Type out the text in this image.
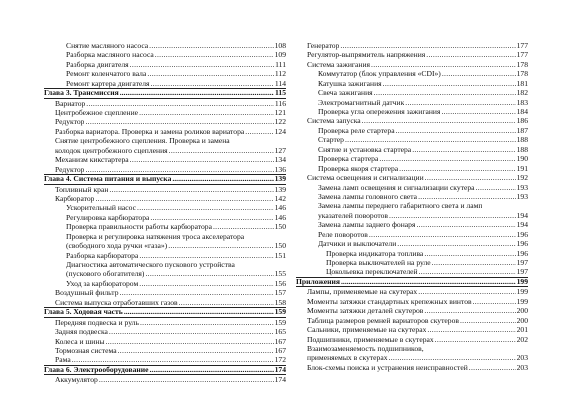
Снятие масляного насоса .....	108
Разборка масляного насоса .....	109
Разборка двигателя .....	111
Ремонт коленчатого вала .....	112
Ремонт картера двигателя .....	114
Глава 3. Трансмиссия .....	115
Вариатор .....	116
Центробежное сцепление .....	121
Редуктор .....	122
Разборка вариатора. Проверка и замена роликов вариатора .....	124
Снятие центробежного сцепления. Проверка и замена
колодок центробежного сцепления .....	127
Механизм кикстартера .....	134
Редуктор .....	136
Глава 4. Система питания и выпуска .....	139
Топливный кран .....	139
Карбюратор .....	142
Ускорительный насос .....	146
Регулировка карбюратора .....	146
Проверка правильности работы карбюратора .....	150
Проверка и регулировка натяжения троса акселератора
(свободного хода ручки «газа») .....	150
Разборка карбюратора .....	151
Диагностика автоматического пускового устройства
(пускового обогатителя) .....	155
Уход за карбюратором .....	156
Воздушный фильтр .....	157
Система выпуска отработавших газов .....	158
Глава 5. Ходовая часть .....	159
Передняя подвеска и руль .....	159
Задняя подвеска .....	165
Колеса и шины .....	167
Тормозная система .....	167
Рама .....	172
Глава 6. Электрооборудование .....	174
Аккумулятор .....	174
Генератор .....	177
Регулятор-выпрямитель напряжения .....	177
Система зажигания .....	178
Коммутатор (блок управления «CDI») .....	178
Катушка зажигания .....	181
Свеча зажигания .....	182
Электромагнитный датчик .....	183
Проверка угла опережения зажигания .....	184
Система запуска .....	186
Проверка реле стартера .....	187
Стартер .....	188
Снятие и установка стартера .....	188
Проверка стартера .....	190
Проверка якоря стартера .....	191
Система освещения и сигнализации .....	192
Замена ламп освещения и сигнализации скутера .....	193
Замена лампы головного света .....	193
Замена лампы переднего габаритного света и ламп
указателей поворотов .....	194
Замена лампы заднего фонаря .....	194
Реле поворотов .....	196
Датчики и выключатели .....	196
Проверка индикатора топлива .....	196
Проверка выключателей на руле .....	197
Цокольевка переключателей .....	197
Приложения .....	199
Лампы, применяемые на скутерах .....	199
Моменты затяжки стандартных крепежных винтов .....	199
Моменты затяжки деталей скутеров .....	200
Таблица размеров ремней вариаторов скутеров .....	200
Сальники, применяемые на скутерах .....	201
Подшипники, применяемые в скутерах .....	202
Взаимозаменяемость подшипников,
применяемых в скутерах .....	203
Блок-схемы поиска и устранения неисправностей .....	203
